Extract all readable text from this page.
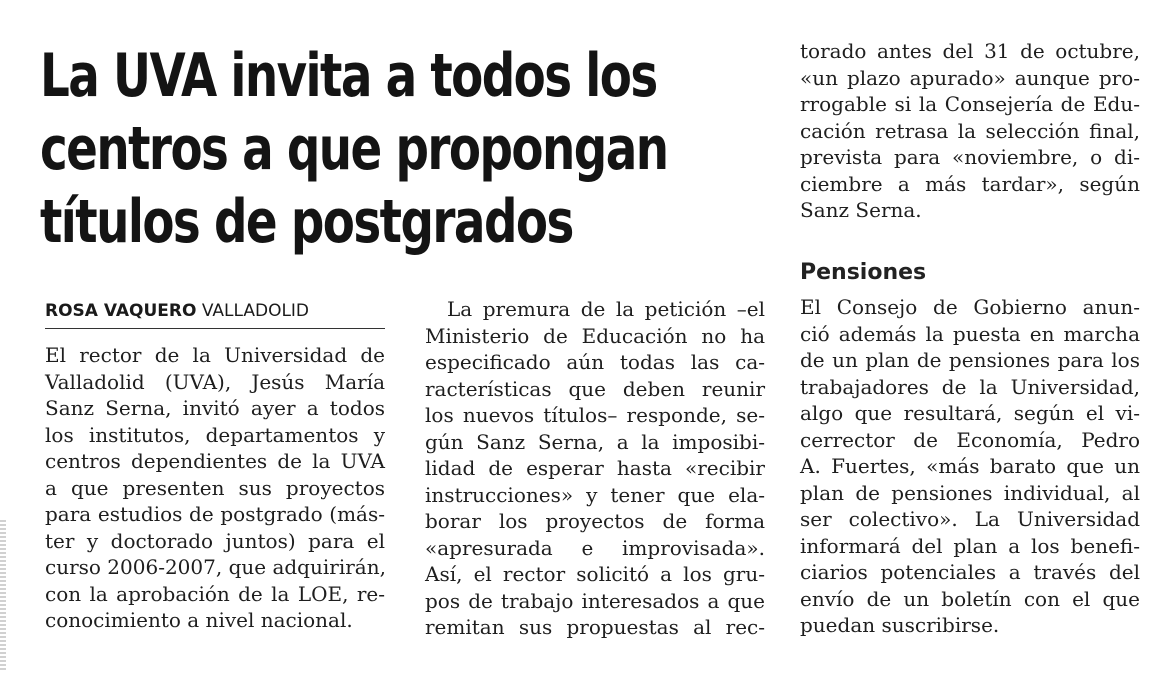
La UVA invita a todos los
centros a que propongan
títulos de postgrados
ROSA VAQUERO VALLADOLID
El rector de la Universidad de
Valladolid (UVA), Jesús María
Sanz Serna, invitó ayer a todos
los institutos, departamentos y
centros dependientes de la UVA
a que presenten sus proyectos
para estudios de postgrado (más-
ter y doctorado juntos) para el
curso 2006-2007, que adquirirán,
con la aprobación de la LOE, re-
conocimiento a nivel nacional.
La premura de la petición –el
Ministerio de Educación no ha
especificado aún todas las ca-
racterísticas que deben reunir
los nuevos títulos– responde, se-
gún Sanz Serna, a la imposibi-
lidad de esperar hasta «recibir
instrucciones» y tener que ela-
borar los proyectos de forma
«apresurada e improvisada».
Así, el rector solicitó a los gru-
pos de trabajo interesados a que
remitan sus propuestas al rec-
torado antes del 31 de octubre,
«un plazo apurado» aunque pro-
rrogable si la Consejería de Edu-
cación retrasa la selección final,
prevista para «noviembre, o di-
ciembre a más tardar», según
Sanz Serna.
Pensiones
El Consejo de Gobierno anun-
ció además la puesta en marcha
de un plan de pensiones para los
trabajadores de la Universidad,
algo que resultará, según el vi-
cerrector de Economía, Pedro
A. Fuertes, «más barato que un
plan de pensiones individual, al
ser colectivo». La Universidad
informará del plan a los benefi-
ciarios potenciales a través del
envío de un boletín con el que
puedan suscribirse.
